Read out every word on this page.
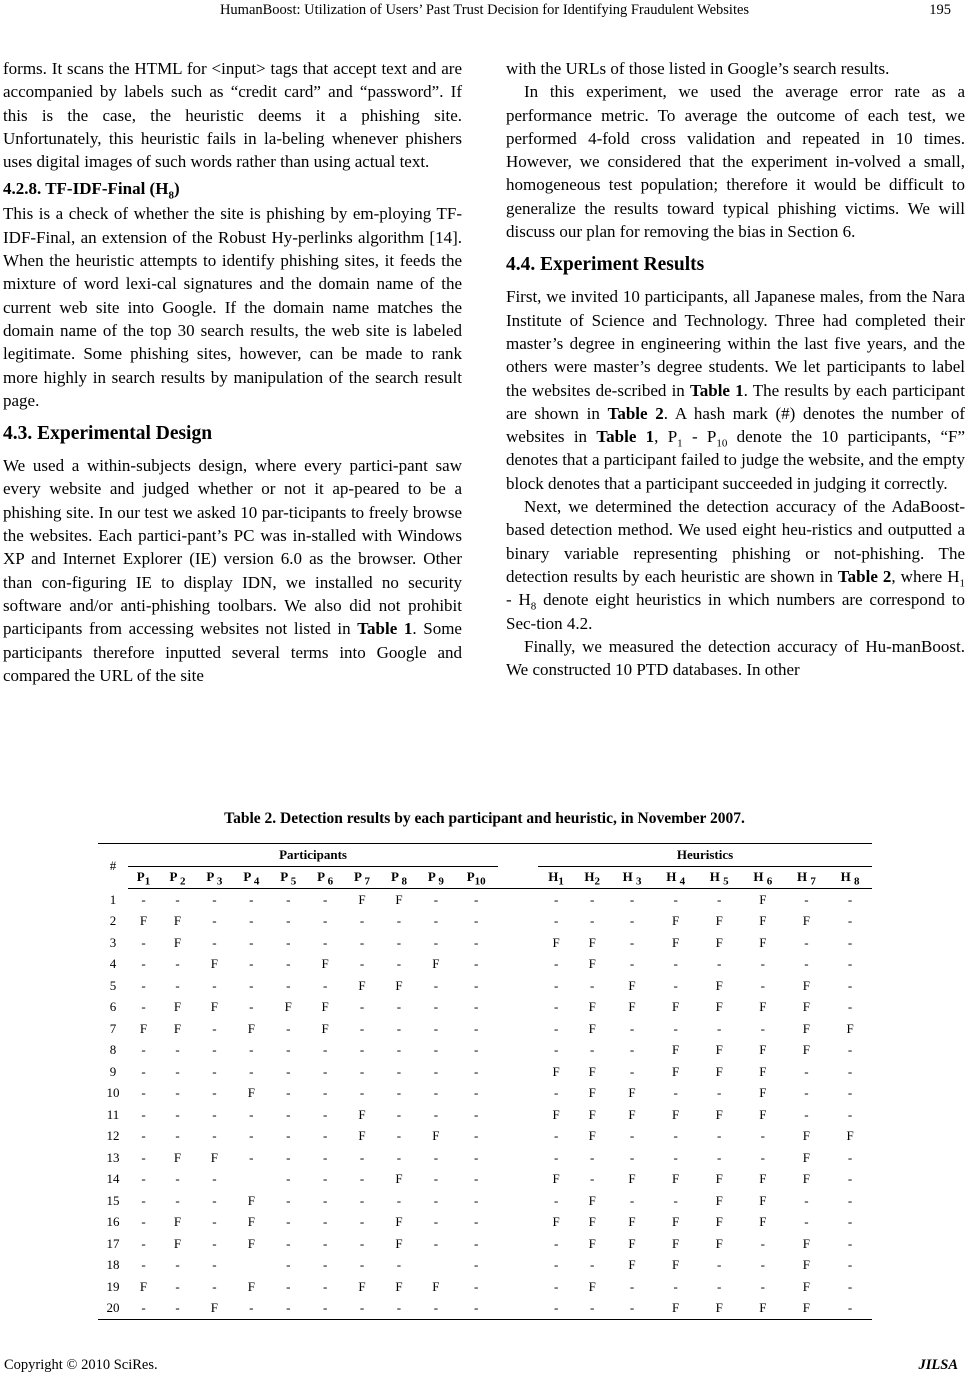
HumanBoost: Utilization of Users’ Past Trust Decision for Identifying Fraudulent Websites	195

forms. It scans the HTML for <input> tags that accept text and are accompanied by labels such as “credit card” and “password”. If this is the case, the heuristic deems it a phishing site. Unfortunately, this heuristic fails in la-beling whenever phishers uses digital images of such words rather than using actual text.

4.2.8. TF-IDF-Final $(H_8)$

This is a check of whether the site is phishing by em-ploying TF-IDF-Final, an extension of the Robust Hy-perlinks algorithm [14]. When the heuristic attempts to identify phishing sites, it feeds the mixture of word lexi-cal signatures and the domain name of the current web site into Google. If the domain name matches the domain name of the top 30 search results, the web site is labeled legitimate. Some phishing sites, however, can be made to rank more highly in search results by manipulation of the search result page.

4.3. Experimental Design

We used a within-subjects design, where every partici-pant saw every website and judged whether or not it ap-peared to be a phishing site. In our test we asked 10 par-ticipants to freely browse the websites. Each partici-pant’s PC was in-stalled with Windows XP and Internet Explorer (IE) version 6.0 as the browser. Other than con-figuring IE to display IDN, we installed no security software and/or anti-phishing toolbars. We also did not prohibit participants from accessing websites not listed in Table 1. Some participants therefore inputted several terms into Google and compared the URL of the site

with the URLs of those listed in Google’s search results.

In this experiment, we used the average error rate as a performance metric. To average the outcome of each test, we performed 4-fold cross validation and repeated in 10 times. However, we considered that the experiment in-volved a small, homogeneous test population; therefore it would be difficult to generalize the results toward typical phishing victims. We will discuss our plan for removing the bias in Section 6.

4.4. Experiment Results

First, we invited 10 participants, all Japanese males, from the Nara Institute of Science and Technology. Three had completed their master’s degree in engineering within the last five years, and the others were master’s degree students. We let participants to label the websites de-scribed in Table 1. The results by each participant are shown in Table 2. A hash mark (#) denotes the number of websites in Table 1, $P_1 - P_{10}$ denote the 10 participants, “F” denotes that a participant failed to judge the website, and the empty block denotes that a participant succeeded in judging it correctly.

Next, we determined the detection accuracy of the AdaBoost-based detection method. We used eight heu-ristics and outputted a binary variable representing phishing or not-phishing. The detection results by each heuristic are shown in Table 2, where $H_1 - H_8$ denote eight heuristics in which numbers are correspond to Sec-tion 4.2.

Finally, we measured the detection accuracy of Hu-manBoost. We constructed 10 PTD databases. In other

Table 2. Detection results by each participant and heuristic, in November 2007.
#	Participants											Heuristics							
	$P_1$	P $_2$	P $_3$	P $_4$	P $_5$	P $_6$	P $_7$	P $_8$	P $_9$	$P_{10}$		$H_1$	$H_2$	H $_3$	H $_4$	H $_5$	H $_6$	H $_7$	H $_8$
1	-	-	-	-	-	-	F	F	-	-		-	-	-	-	-	F	-	-
2	F	F	-	-	-	-	-	-	-	-		-	-	-	F	F	F	F	-
3	-	F	-	-	-	-	-	-	-	-		F	F	-	F	F	F	-	-
4	-	-	F	-	-	F	-	-	F	-		-	F	-	-	-	-	-	-
5	-	-	-	-	-	-	F	F	-	-		-	-	F	-	F	-	F	-
6	-	F	F	-	F	F	-	-	-	-		-	F	F	F	F	F	F	-
7	F	F	-	F	-	F	-	-	-	-		-	F	-	-	-	-	F	F
8	-	-	-	-	-	-	-	-	-	-		-	-	-	F	F	F	F	-
9	-	-	-	-	-	-	-	-	-	-		F	F	-	F	F	F	-	-
10	-	-	-	F	-	-	-	-	-	-		-	F	F	-	-	F	-	-
11	-	-	-	-	-	-	F	-	-	-		F	F	F	F	F	F	-	-
12	-	-	-	-	-	-	F	-	F	-		-	F	-	-	-	-	F	F
13	-	F	F	-	-	-	-	-	-	-		-	-	-	-	-	-	F	-
14	-	-	-		-	-	-	F	-	-		F	-	F	F	F	F	F	-
15	-	-	-	F	-	-	-	-	-	-		-	F	-	-	F	F	-	-
16	-	F	-	F	-	-	-	F	-	-		F	F	F	F	F	F	-	-
17	-	F	-	F	-	-	-	F	-	-		-	F	F	F	F	-	F	-
18	-	-	-		-	-	-	-		-		-	-	F	F	-	-	F	-
19	F	-	-	F	-	-	F	F	F	-		-	F	-	-	-	-	F	-
20	-	-	F	-	-	-	-	-	-	-		-	-	-	F	F	F	F	-
Copyright © 2010 SciRes.	JILSA
